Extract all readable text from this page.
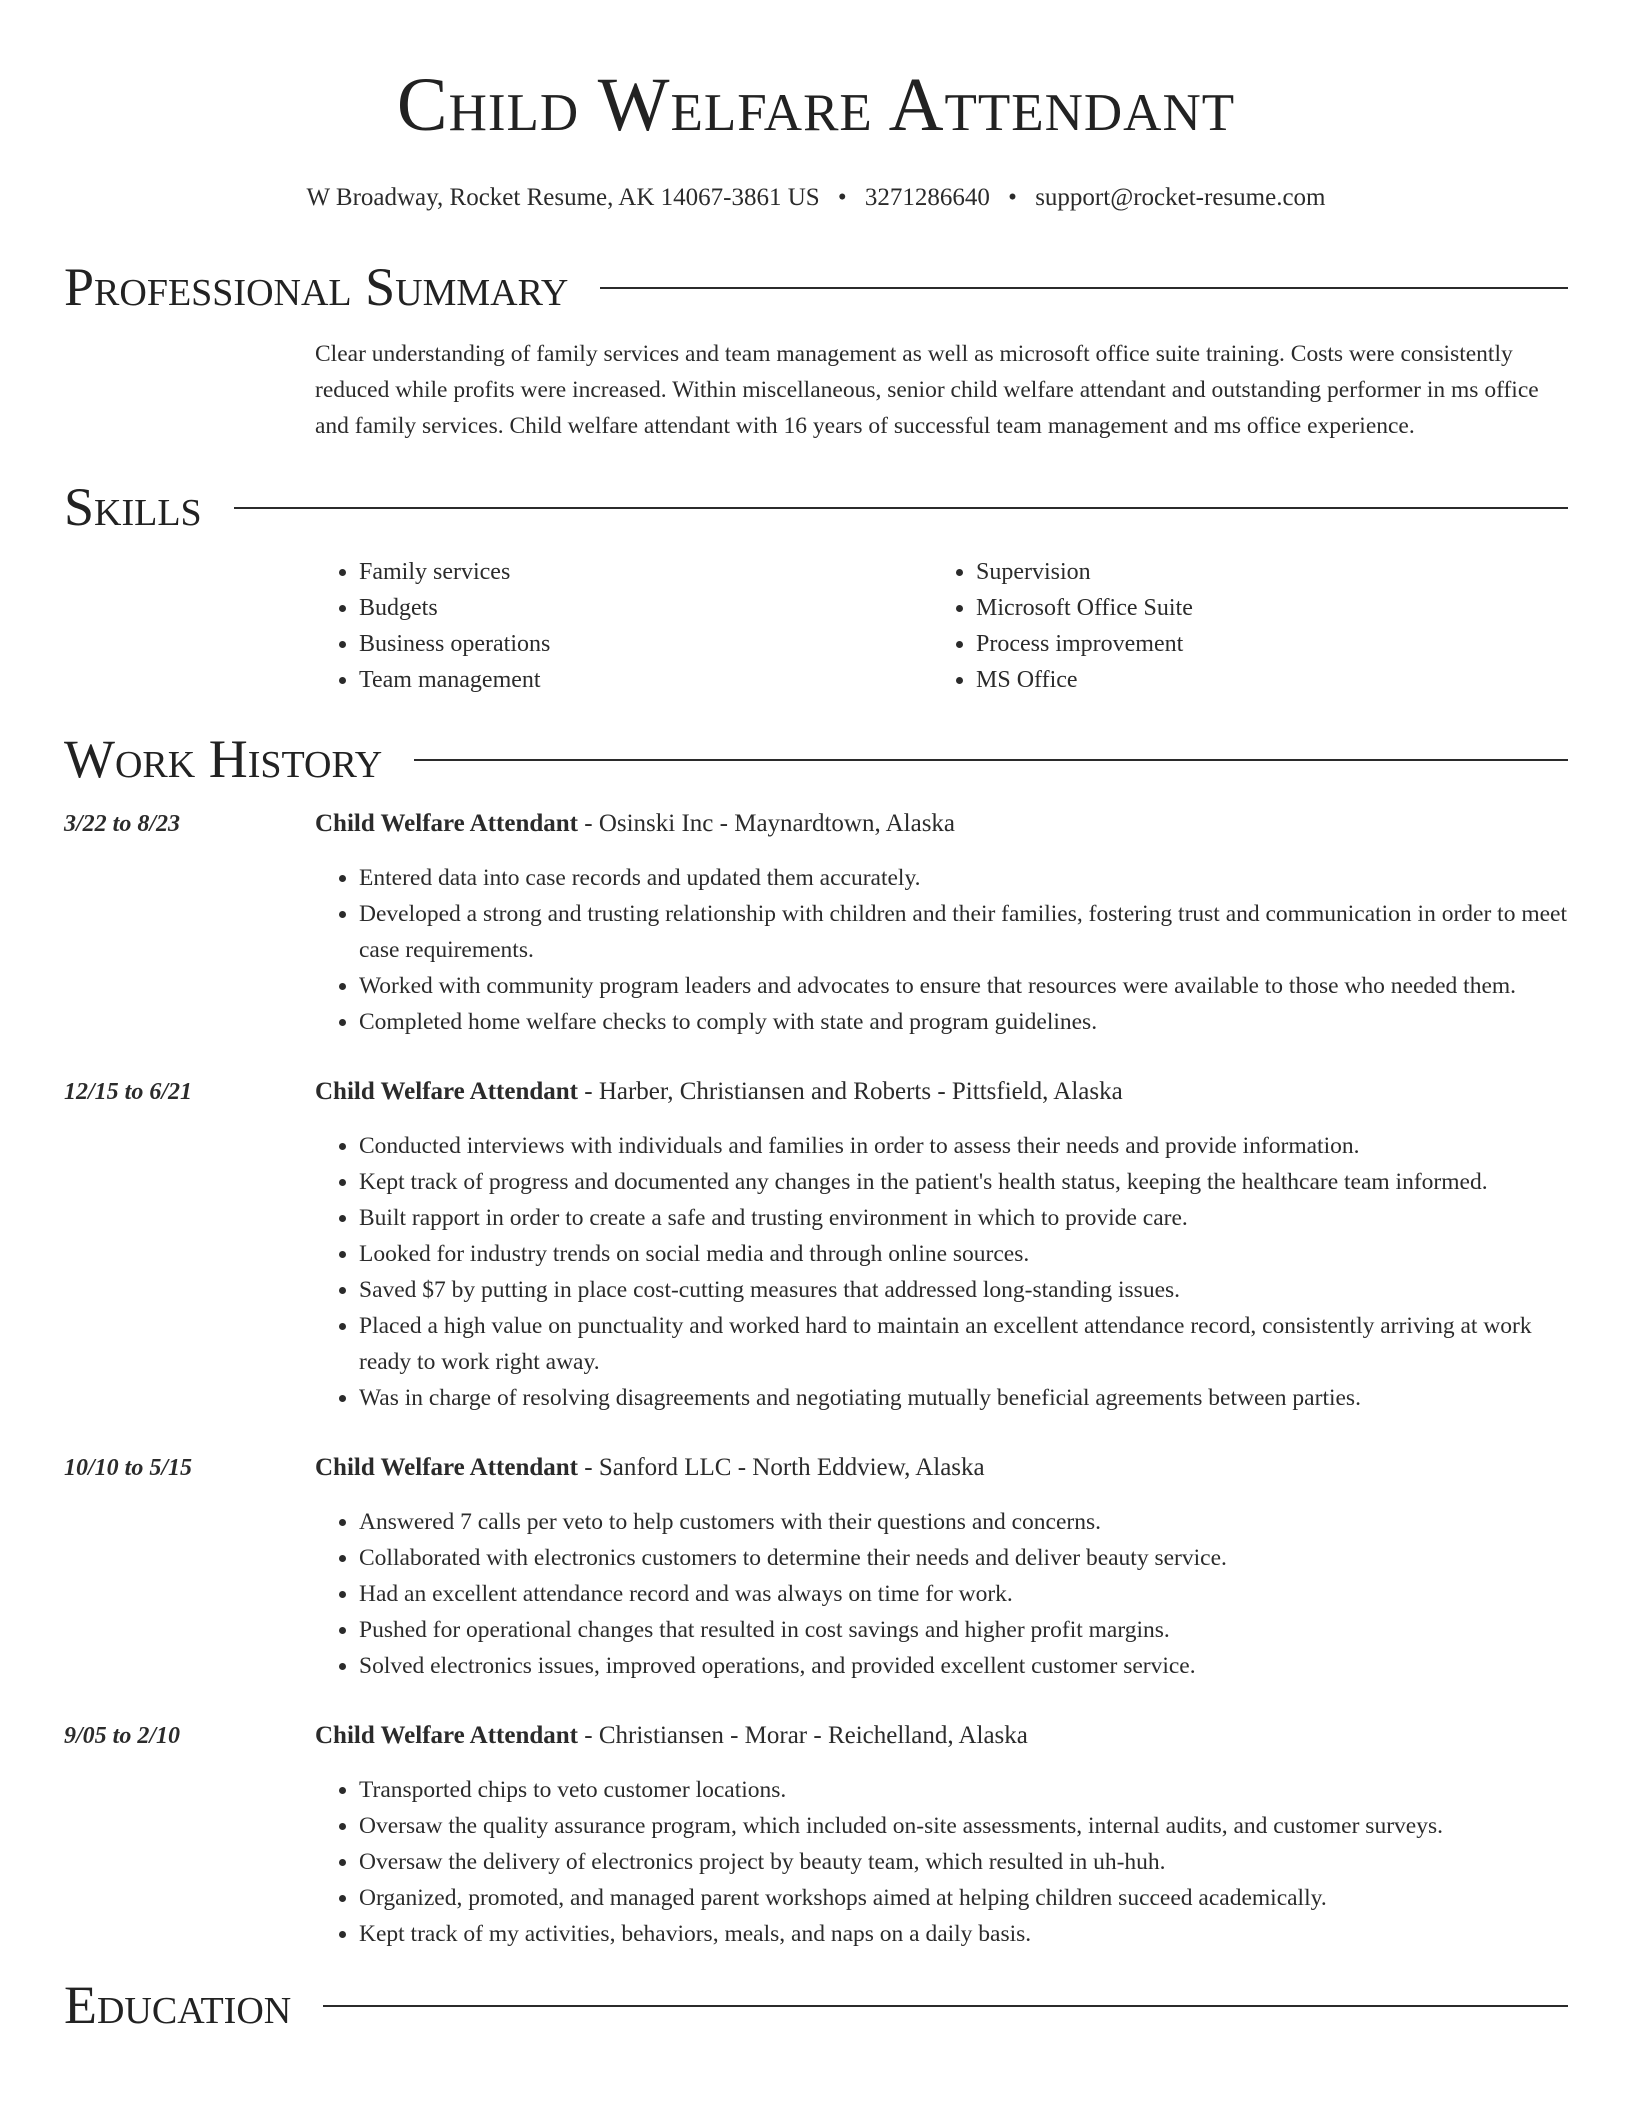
Child Welfare Attendant
W Broadway, Rocket Resume, AK 14067-3861 US • 3271286640 • support@rocket-resume.com
Professional Summary
Clear understanding of family services and team management as well as microsoft office suite training. Costs were consistently reduced while profits were increased. Within miscellaneous, senior child welfare attendant and outstanding performer in ms office and family services. Child welfare attendant with 16 years of successful team management and ms office experience.
Skills
• Family services
• Budgets
• Business operations
• Team management
• Supervision
• Microsoft Office Suite
• Process improvement
• MS Office
Work History
3/22 to 8/23	Child Welfare Attendant - Osinski Inc - Maynardtown, Alaska
• Entered data into case records and updated them accurately.
• Developed a strong and trusting relationship with children and their families, fostering trust and communication in order to meet case requirements.
• Worked with community program leaders and advocates to ensure that resources were available to those who needed them.
• Completed home welfare checks to comply with state and program guidelines.
12/15 to 6/21	Child Welfare Attendant - Harber, Christiansen and Roberts - Pittsfield, Alaska
• Conducted interviews with individuals and families in order to assess their needs and provide information.
• Kept track of progress and documented any changes in the patient's health status, keeping the healthcare team informed.
• Built rapport in order to create a safe and trusting environment in which to provide care.
• Looked for industry trends on social media and through online sources.
• Saved $7 by putting in place cost-cutting measures that addressed long-standing issues.
• Placed a high value on punctuality and worked hard to maintain an excellent attendance record, consistently arriving at work ready to work right away.
• Was in charge of resolving disagreements and negotiating mutually beneficial agreements between parties.
10/10 to 5/15	Child Welfare Attendant - Sanford LLC - North Eddview, Alaska
• Answered 7 calls per veto to help customers with their questions and concerns.
• Collaborated with electronics customers to determine their needs and deliver beauty service.
• Had an excellent attendance record and was always on time for work.
• Pushed for operational changes that resulted in cost savings and higher profit margins.
• Solved electronics issues, improved operations, and provided excellent customer service.
9/05 to 2/10	Child Welfare Attendant - Christiansen - Morar - Reichelland, Alaska
• Transported chips to veto customer locations.
• Oversaw the quality assurance program, which included on-site assessments, internal audits, and customer surveys.
• Oversaw the delivery of electronics project by beauty team, which resulted in uh-huh.
• Organized, promoted, and managed parent workshops aimed at helping children succeed academically.
• Kept track of my activities, behaviors, meals, and naps on a daily basis.
Education
